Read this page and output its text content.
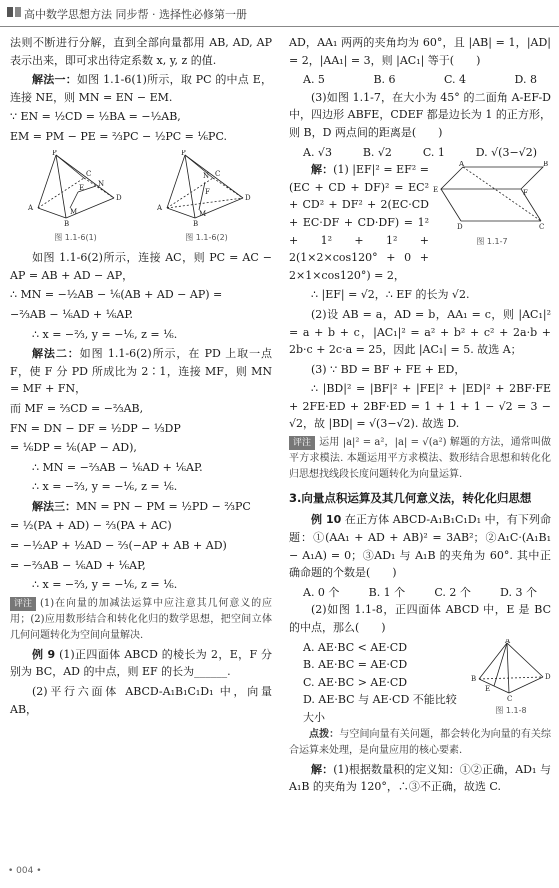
高中数学思想方法 同步帮 · 选择性必修第一册

法则不断进行分解，直到全部向量都用 AB, AD, AP 表示出来，即可求出待定系数 x, y, z 的值.

解法一：如图 1.1-6(1)所示，取 PC 的中点 E，连接 NE，则 MN = EN − EM.

∵ EN = ½CD = ½BA = −½AB,

EM = PM − PE = ⅔PC − ½PC = ⅙PC.

P
A
B
D
C
N
E
M
图 1.1-6(1)
P
A
B
D
C
N
F
M
图 1.1-6(2)

如图 1.1-6(2)所示，连接 AC，则 PC = AC − AP = AB + AD − AP，

∴ MN = −½AB − ⅙(AB + AD − AP) =

−⅔AB − ⅙AD + ⅙AP.

∴ x = −⅔, y = −⅙, z = ⅙.

解法二：如图 1.1-6(2)所示，在 PD 上取一点 F，使 F 分 PD 所成比为 2∶1，连接 MF，则 MN = MF + FN，

而 MF = ⅔CD = −⅔AB,

FN = DN − DF = ½DP − ⅓DP

= ⅙DP = ⅙(AP − AD),

∴ MN = −⅔AB − ⅙AD + ⅙AP.

∴ x = −⅔, y = −⅙, z = ⅙.

解法三：MN = PN − PM = ½PD − ⅔PC

= ½(PA + AD) − ⅔(PA + AC)

= −½AP + ½AD − ⅔(−AP + AB + AD)

= −⅔AB − ⅙AD + ⅙AP,

∴ x = −⅔, y = −⅙, z = ⅙.

评注 (1)在向量的加减法运算中应注意其几何意义的应用；(2)应用数形结合和转化化归的数学思想，把空间立体几何问题转化为空间向量解决.

例 9 (1)正四面体 ABCD 的棱长为 2，E，F 分别为 BC，AD 的中点，则 EF 的长为______.

(2)平行六面体 ABCD-A₁B₁C₁D₁ 中，向量 AB，

AD，AA₁ 两两的夹角均为 60°，且 |AB| = 1，|AD| = 2，|AA₁| = 3，则 |AC₁| 等于(　　)

A. 5	B. 6	C. 4	D. 8

(3)如图 1.1-7，在大小为 45° 的二面角 A-EF-D 中，四边形 ABFE，CDEF 都是边长为 1 的正方形，则 B，D 两点间的距离是(　　)

A. √3	B. √2	C. 1	D. √(3−√2)

解：(1) |EF|² = EF² = (EC + CD + DF)² = EC² + CD² + DF² + 2(EC·CD + EC·DF + CD·DF) = 1² + 1² + 1² + 2(1×2×cos120° + 0 + 2×1×cos120°) = 2，

A	B
E	F
D	C
图 1.1-7

∴ |EF| = √2，∴ EF 的长为 √2.

(2)设 AB = a，AD = b，AA₁ = c，则 |AC₁|² = a + b + c，|AC₁|² = a² + b² + c² + 2a·b + 2b·c + 2c·a = 25，因此 |AC₁| = 5. 故选 A；

(3) ∵ BD = BF + FE + ED，

∴ |BD|² = |BF|² + |FE|² + |ED|² + 2BF·FE + 2FE·ED + 2BF·ED = 1 + 1 + 1 − √2 = 3 − √2，故 |BD| = √(3−√2). 故选 D.

评注 运用 |a|² = a²，|a| = √(a²) 解题的方法，通常叫做平方求模法. 本题运用平方求模法、数形结合思想和转化化归思想找线段长度问题转化为向量运算.

3.向量点积运算及其几何意义法，转化化归思想

例 10 在正方体 ABCD-A₁B₁C₁D₁ 中，有下列命题：①(AA₁ + AD + AB)² = 3AB²；②A₁C·(A₁B₁ − A₁A) = 0；③AD₁ 与 A₁B 的夹角为 60°. 其中正确命题的个数是(　　)

A. 0 个	B. 1 个	C. 2 个	D. 3 个

(2)如图 1.1-8，正四面体 ABCD 中，E 是 BC 的中点，那么(　　)

A. AE·BC < AE·CD
B. AE·BC = AE·CD
C. AE·BC > AE·CD
D. AE·BC 与 AE·CD 不能比较大小
A
B
E
C
D
图 1.1-8

点拨：与空间向量有关问题，都会转化为向量的有关综合运算来处理，是向量应用的核心要素.

解：(1)根据数量积的定义知：①②正确，AD₁ 与 A₁B 的夹角为 120°，∴③不正确，故选 C.

• 004 •
